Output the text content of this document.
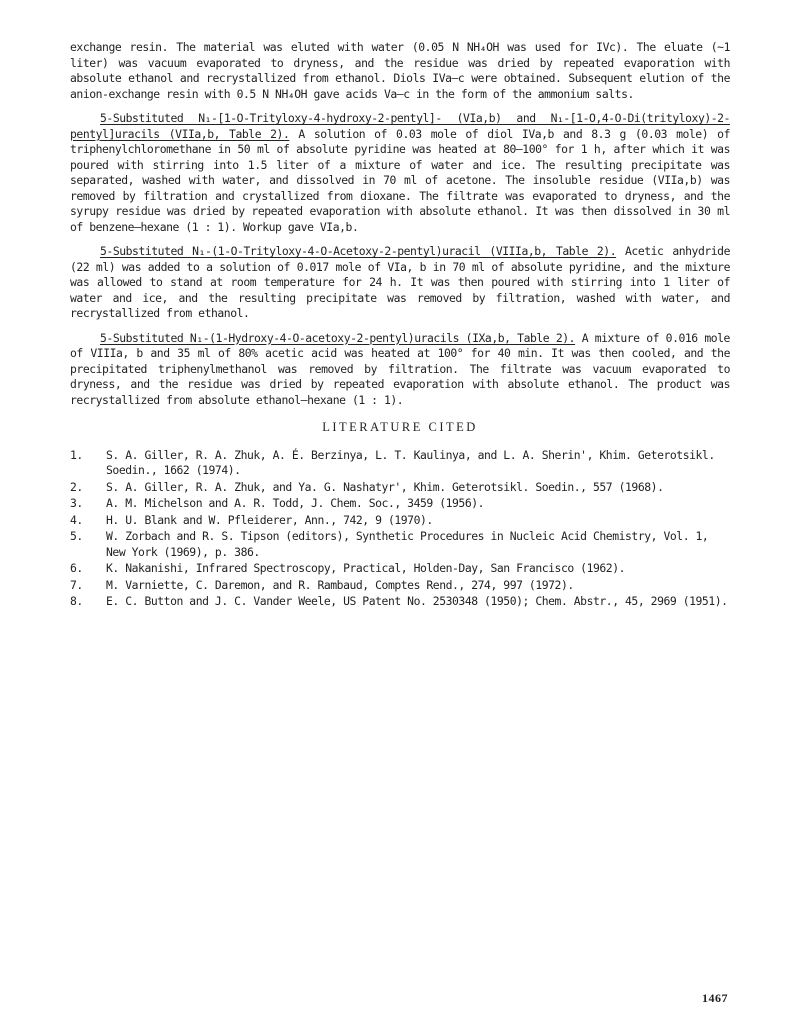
exchange resin. The material was eluted with water (0.05 N NH₄OH was used for IVc). The eluate (~1 liter) was vacuum evaporated to dryness, and the residue was dried by repeated evaporation with absolute ethanol and recrystallized from ethanol. Diols IVa–c were obtained. Subsequent elution of the anion-exchange resin with 0.5 N NH₄OH gave acids Va–c in the form of the ammonium salts.

5-Substituted N₁-[1-O-Trityloxy-4-hydroxy-2-pentyl]- (VIa,b) and N₁-[1-O,4-O-Di(trityloxy)-2-pentyl]uracils (VIIa,b, Table 2). A solution of 0.03 mole of diol IVa,b and 8.3 g (0.03 mole) of triphenylchloromethane in 50 ml of absolute pyridine was heated at 80–100° for 1 h, after which it was poured with stirring into 1.5 liter of a mixture of water and ice. The resulting precipitate was separated, washed with water, and dissolved in 70 ml of acetone. The insoluble residue (VIIa,b) was removed by filtration and crystallized from dioxane. The filtrate was evaporated to dryness, and the syrupy residue was dried by repeated evaporation with absolute ethanol. It was then dissolved in 30 ml of benzene–hexane (1 : 1). Workup gave VIa,b.

5-Substituted N₁-(1-O-Trityloxy-4-O-Acetoxy-2-pentyl)uracil (VIIIa,b, Table 2). Acetic anhydride (22 ml) was added to a solution of 0.017 mole of VIa, b in 70 ml of absolute pyridine, and the mixture was allowed to stand at room temperature for 24 h. It was then poured with stirring into 1 liter of water and ice, and the resulting precipitate was removed by filtration, washed with water, and recrystallized from ethanol.

5-Substituted N₁-(1-Hydroxy-4-O-acetoxy-2-pentyl)uracils (IXa,b, Table 2). A mixture of 0.016 mole of VIIIa, b and 35 ml of 80% acetic acid was heated at 100° for 40 min. It was then cooled, and the precipitated triphenylmethanol was removed by filtration. The filtrate was vacuum evaporated to dryness, and the residue was dried by repeated evaporation with absolute ethanol. The product was recrystallized from absolute ethanol–hexane (1 : 1).

LITERATURE CITED
1.	S. A. Giller, R. A. Zhuk, A. É. Berzinya, L. T. Kaulinya, and L. A. Sherin', Khim. Geterotsikl. Soedin., 1662 (1974).
2.	S. A. Giller, R. A. Zhuk, and Ya. G. Nashatyr', Khim. Geterotsikl. Soedin., 557 (1968).
3.	A. M. Michelson and A. R. Todd, J. Chem. Soc., 3459 (1956).
4.	H. U. Blank and W. Pfleiderer, Ann., 742, 9 (1970).
5.	W. Zorbach and R. S. Tipson (editors), Synthetic Procedures in Nucleic Acid Chemistry, Vol. 1, New York (1969), p. 386.
6.	K. Nakanishi, Infrared Spectroscopy, Practical, Holden-Day, San Francisco (1962).
7.	M. Varniette, C. Daremon, and R. Rambaud, Comptes Rend., 274, 997 (1972).
8.	E. C. Button and J. C. Vander Weele, US Patent No. 2530348 (1950); Chem. Abstr., 45, 2969 (1951).
1467
